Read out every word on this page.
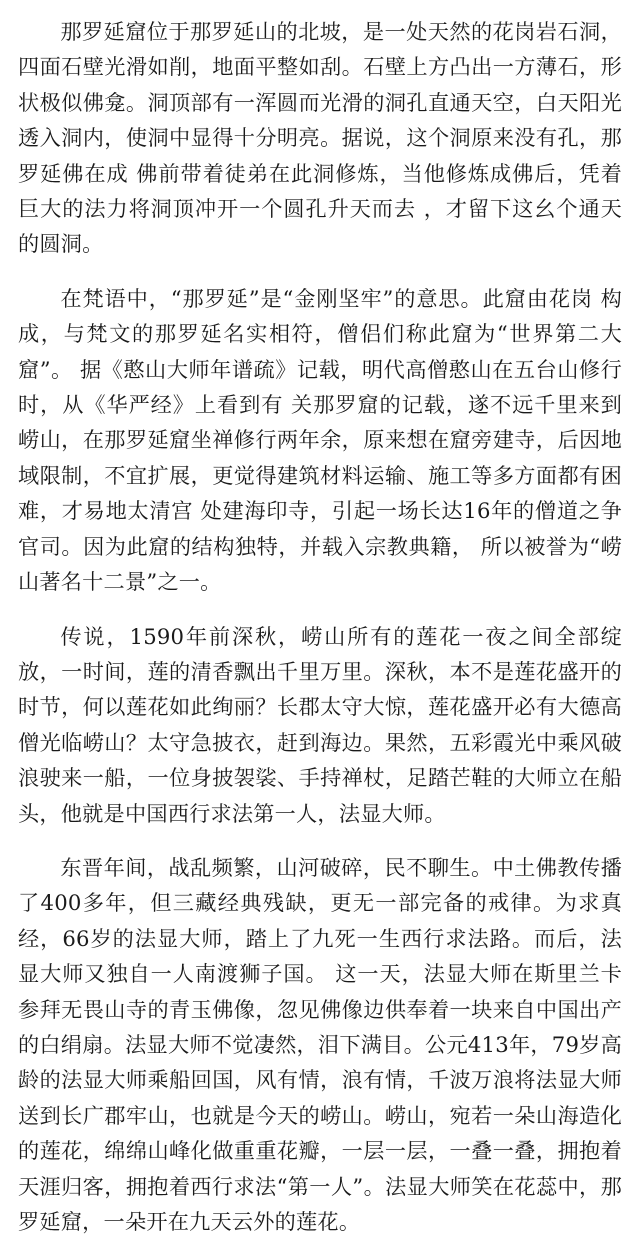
那罗延窟位于那罗延山的北坡，是一处天然的花岗岩石洞，四面石壁光滑如削，地面平整如刮。石壁上方凸出一方薄石，形状极似佛龛。洞顶部有一浑圆而光滑的洞孔直通天空，白天阳光透入洞内，使洞中显得十分明亮。据说，这个洞原来没有孔，那罗延佛在成 佛前带着徒弟在此洞修炼，当他修炼成佛后，凭着巨大的法力将洞顶冲开一个圆孔升天而去 ，才留下这幺个通天的圆洞。

在梵语中，“那罗延”是“金刚坚牢”的意思。此窟由花岗 构成，与梵文的那罗延名实相符，僧侣们称此窟为“世界第二大窟”。 据《憨山大师年谱疏》记载，明代高僧憨山在五台山修行时，从《华严经》上看到有 关那罗窟的记载，遂不远千里来到崂山，在那罗延窟坐禅修行两年余，原来想在窟旁建寺，后因地域限制，不宜扩展，更觉得建筑材料运输、施工等多方面都有困难，才易地太清宫 处建海印寺，引起一场长达16年的僧道之争官司。因为此窟的结构独特，并载入宗教典籍， 所以被誉为“崂山著名十二景”之一。

传说，1590年前深秋，崂山所有的莲花一夜之间全部绽放，一时间，莲的清香飘出千里万里。深秋，本不是莲花盛开的时节，何以莲花如此绚丽？长郡太守大惊，莲花盛开必有大德高僧光临崂山？太守急披衣，赶到海边。果然，五彩霞光中乘风破浪驶来一船，一位身披袈裟、手持禅杖，足踏芒鞋的大师立在船头，他就是中国西行求法第一人，法显大师。

东晋年间，战乱频繁，山河破碎，民不聊生。中土佛教传播了400多年，但三藏经典残缺，更无一部完备的戒律。为求真经，66岁的法显大师，踏上了九死一生西行求法路。而后，法显大师又独自一人南渡狮子国。 这一天，法显大师在斯里兰卡参拜无畏山寺的青玉佛像，忽见佛像边供奉着一块来自中国出产的白绢扇。法显大师不觉凄然，泪下满目。公元413年，79岁高龄的法显大师乘船回国，风有情，浪有情，千波万浪将法显大师送到长广郡牢山，也就是今天的崂山。崂山，宛若一朵山海造化的莲花，绵绵山峰化做重重花瓣，一层一层，一叠一叠，拥抱着天涯归客，拥抱着西行求法“第一人”。法显大师笑在花蕊中，那罗延窟，一朵开在九天云外的莲花。
